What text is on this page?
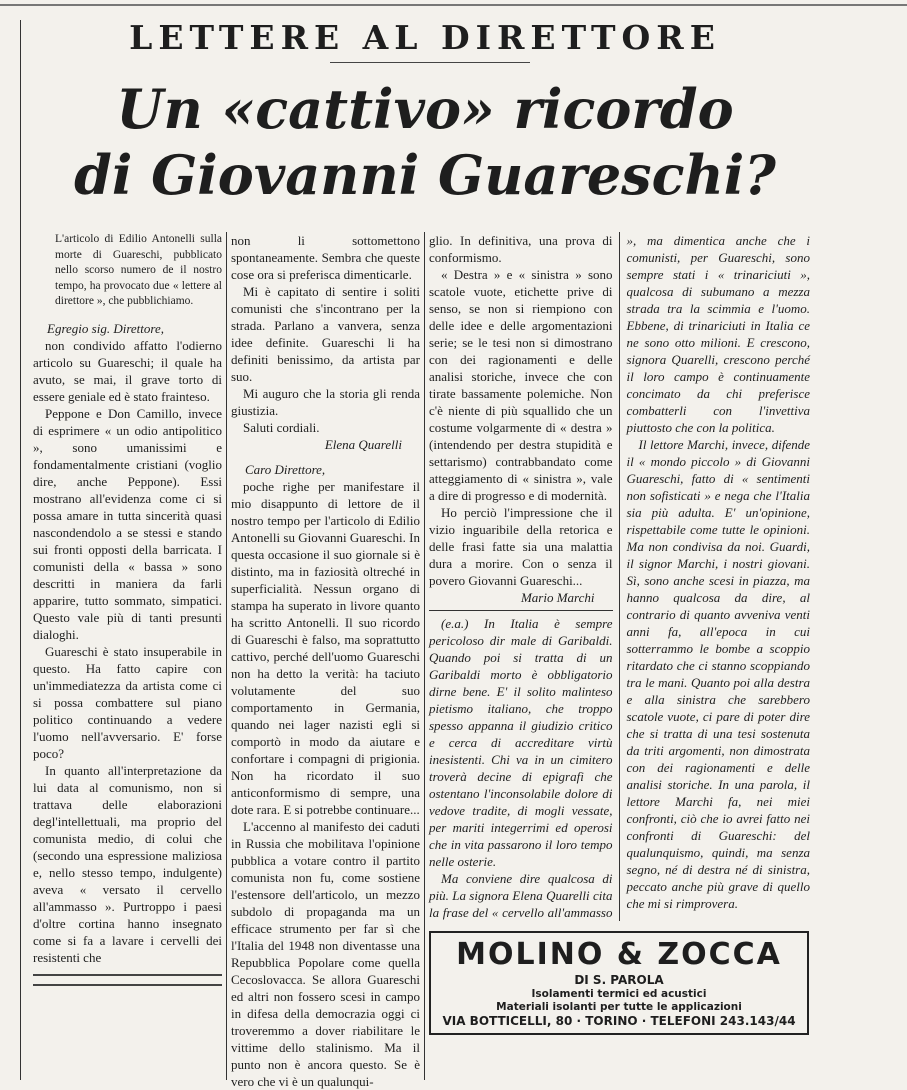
LETTERE AL DIRETTORE
Un «cattivo» ricordo
di Giovanni Guareschi?

L'articolo di Edilio Antonelli sulla morte di Guareschi, pubblicato nello scorso numero de il nostro tempo, ha provocato due « lettere al direttore », che pubblichiamo.

Egregio sig. Direttore,

non condivido affatto l'odierno articolo su Guareschi; il quale ha avuto, se mai, il grave torto di essere geniale ed è stato frainteso.

Peppone e Don Camillo, invece di esprimere « un odio antipolitico », sono umanissimi e fondamentalmente cristiani (voglio dire, anche Peppone). Essi mostrano all'evidenza come ci si possa amare in tutta sincerità quasi nascondendolo a se stessi e stando sui fronti opposti della barricata. I comunisti della « bassa » sono descritti in maniera da farli apparire, tutto sommato, simpatici. Questo vale più di tanti presunti dialoghi.

Guareschi è stato insuperabile in questo. Ha fatto capire con un'immediatezza da artista come ci si possa combattere sul piano politico continuando a vedere l'uomo nell'avversario. E' forse poco?

In quanto all'interpretazione da lui data al comunismo, non si trattava delle elaborazioni degl'intellettuali, ma proprio del comunista medio, di colui che (secondo una espressione maliziosa e, nello stesso tempo, indulgente) aveva « versato il cervello all'ammasso ». Purtroppo i paesi d'oltre cortina hanno insegnato come si fa a lavare i cervelli dei resistenti che

non li sottomettono spontaneamente. Sembra che queste cose ora si preferisca dimenticarle.

Mi è capitato di sentire i soliti comunisti che s'incontrano per la strada. Parlano a vanvera, senza idee definite. Guareschi li ha definiti benissimo, da artista par suo.

Mi auguro che la storia gli renda giustizia.

Saluti cordiali.

Elena Quarelli

Caro Direttore,

poche righe per manifestare il mio disappunto di lettore de il nostro tempo per l'articolo di Edilio Antonelli su Giovanni Guareschi. In questa occasione il suo giornale si è distinto, ma in faziosità oltreché in superficialità. Nessun organo di stampa ha superato in livore quanto ha scritto Antonelli. Il suo ricordo di Guareschi è falso, ma soprattutto cattivo, perché dell'uomo Guareschi non ha detto la verità: ha taciuto volutamente del suo comportamento in Germania, quando nei lager nazisti egli si comportò in modo da aiutare e confortare i compagni di prigionia. Non ha ricordato il suo anticonformismo di sempre, una dote rara. E si potrebbe continuare...

L'accenno al manifesto dei caduti in Russia che mobilitava l'opinione pubblica a votare contro il partito comunista non fu, come sostiene l'estensore dell'articolo, un mezzo subdolo di propaganda ma un efficace strumento per far sì che l'Italia del 1948 non diventasse una Repubblica Popolare come quella Cecoslovacca. Se allora Guareschi ed altri non fossero scesi in campo in difesa della democrazia oggi ci troveremmo a dover riabilitare le vittime dello stalinismo. Ma il punto non è ancora questo. Se è vero che vi è un qualunqui-

glio. In definitiva, una prova di conformismo.

« Destra » e « sinistra » sono scatole vuote, etichette prive di senso, se non si riempiono con delle idee e delle argomentazioni serie; se le tesi non si dimostrano con dei ragionamenti e delle analisi storiche, invece che con tirate bassamente polemiche. Non c'è niente di più squallido che un costume volgarmente di « destra » (intendendo per destra stupidità e settarismo) contrabbandato come atteggiamento di « sinistra », vale a dire di progresso e di modernità.

Ho perciò l'impressione che il vizio inguaribile della retorica e delle frasi fatte sia una malattia dura a morire. Con o senza il povero Giovanni Guareschi...

Mario Marchi

(e.a.) In Italia è sempre pericoloso dir male di Garibaldi. Quando poi si tratta di un Garibaldi morto è obbligatorio dirne bene. E' il solito malinteso pietismo italiano, che troppo spesso appanna il giudizio critico e cerca di accreditare virtù inesistenti. Chi va in un cimitero troverà decine di epigrafi che ostentano l'inconsolabile dolore di vedove tradite, di mogli vessate, per mariti integerrimi ed operosi che in vita passarono il loro tempo nelle osterie.

Ma conviene dire qualcosa di più. La signora Elena Quarelli cita la frase del « cervello all'ammasso », ma dimentica anche che i comunisti, per Guareschi, sono sempre stati i « trinariciuti », qualcosa di subumano a mezza strada tra la scimmia e l'uomo. Ebbene, di trinariciuti in Italia ce ne sono otto milioni. E crescono, signora Quarelli, crescono perché il loro campo è continuamente concimato da chi preferisce combatterli con l'invettiva piuttosto che con la politica.

Il lettore Marchi, invece, difende il « mondo piccolo » di Giovanni Guareschi, fatto di « sentimenti non sofisticati » e nega che l'Italia sia più adulta. E' un'opinione, rispettabile come tutte le opinioni. Ma non condivisa da noi. Guardi, il signor Marchi, i nostri giovani. Sì, sono anche scesi in piazza, ma hanno qualcosa da dire, al contrario di quanto avveniva venti anni fa, all'epoca in cui sotterrammo le bombe a scoppio ritardato che ci stanno scoppiando tra le mani. Quanto poi alla destra e alla sinistra che sarebbero scatole vuote, ci pare di poter dire che si tratta di una tesi sostenuta da triti argomenti, non dimostrata con dei ragionamenti e delle analisi storiche. In una parola, il lettore Marchi fa, nei miei confronti, ciò che io avrei fatto nei confronti di Guareschi: del qualunquismo, quindi, ma senza segno, né di destra né di sinistra, peccato anche più grave di quello che mi si rimprovera.

MOLINO & ZOCCA
DI S. PAROLA
Isolamenti termici ed acustici
Materiali isolanti per tutte le applicazioni
VIA BOTTICELLI, 80 · TORINO · TELEFONI 243.143/44
